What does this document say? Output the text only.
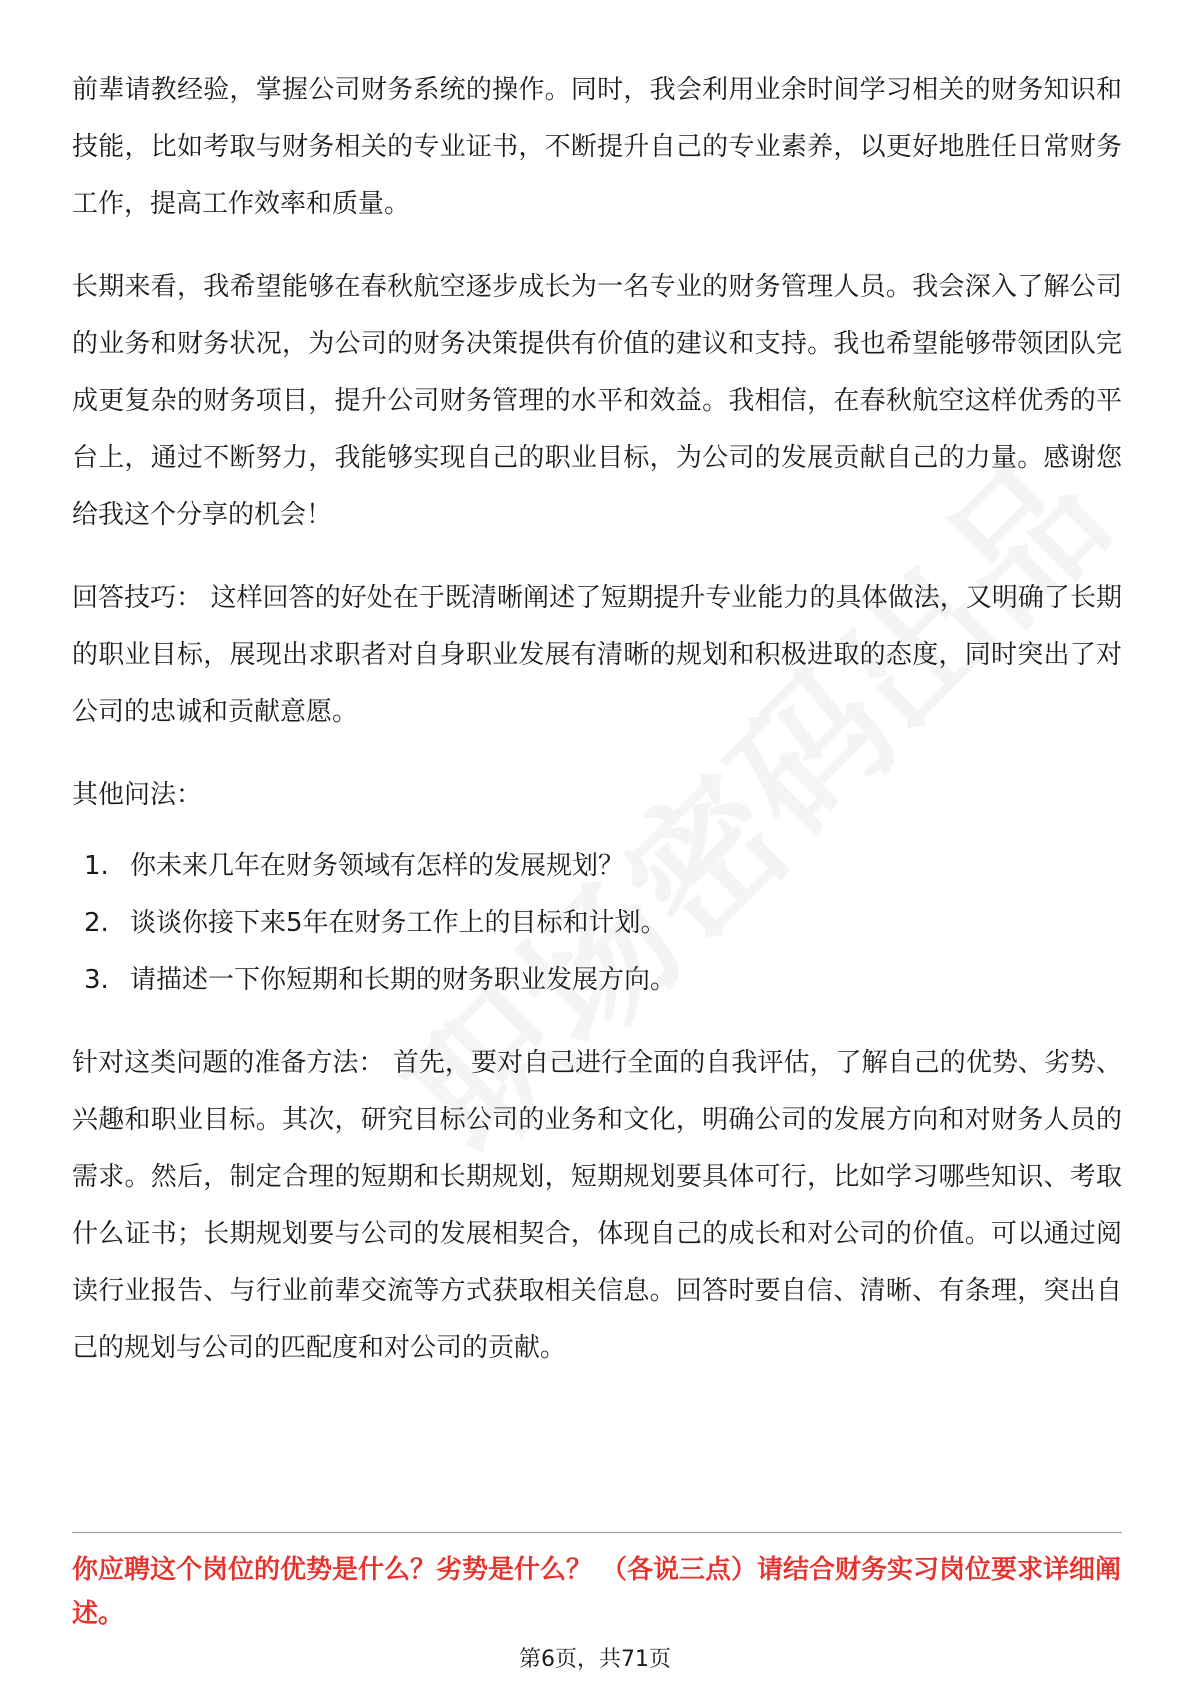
前辈请教经验，掌握公司财务系统的操作。同时，我会利用业余时间学习相关的财务知识和技能，比如考取与财务相关的专业证书，不断提升自己的专业素养，以更好地胜任日常财务工作，提高工作效率和质量。

长期来看，我希望能够在春秋航空逐步成长为一名专业的财务管理人员。我会深入了解公司的业务和财务状况，为公司的财务决策提供有价值的建议和支持。我也希望能够带领团队完成更复杂的财务项目，提升公司财务管理的水平和效益。我相信，在春秋航空这样优秀的平台上，通过不断努力，我能够实现自己的职业目标，为公司的发展贡献自己的力量。感谢您给我这个分享的机会！

回答技巧： 这样回答的好处在于既清晰阐述了短期提升专业能力的具体做法，又明确了长期的职业目标，展现出求职者对自身职业发展有清晰的规划和积极进取的态度，同时突出了对公司的忠诚和贡献意愿。

其他问法：

1. 你未来几年在财务领域有怎样的发展规划？
2. 谈谈你接下来5年在财务工作上的目标和计划。
3. 请描述一下你短期和长期的财务职业发展方向。

针对这类问题的准备方法： 首先，要对自己进行全面的自我评估，了解自己的优势、劣势、兴趣和职业目标。其次，研究目标公司的业务和文化，明确公司的发展方向和对财务人员的需求。然后，制定合理的短期和长期规划，短期规划要具体可行，比如学习哪些知识、考取什么证书；长期规划要与公司的发展相契合，体现自己的成长和对公司的价值。可以通过阅读行业报告、与行业前辈交流等方式获取相关信息。回答时要自信、清晰、有条理，突出自己的规划与公司的匹配度和对公司的贡献。

你应聘这个岗位的优势是什么？劣势是什么？ （各说三点）请结合财务实习岗位要求详细阐述。
第6页，共71页
